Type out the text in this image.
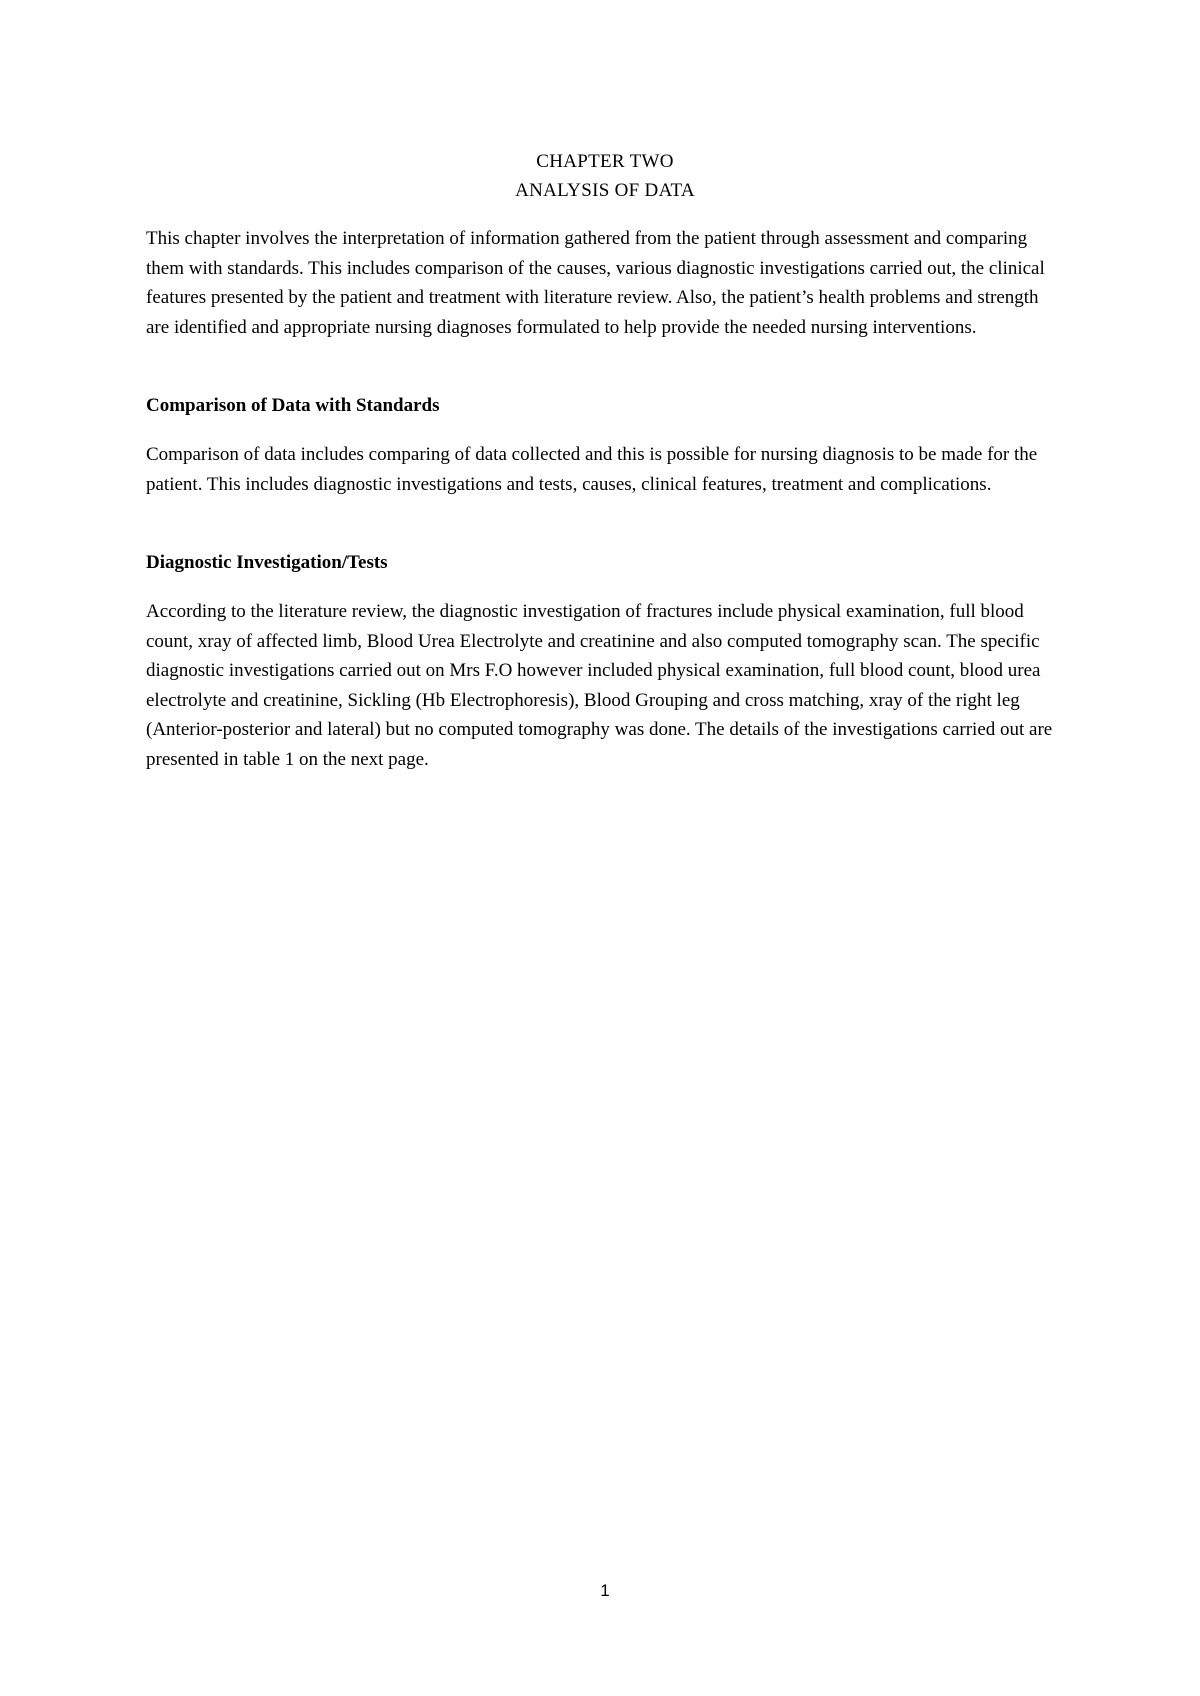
CHAPTER TWO
ANALYSIS OF DATA

This chapter involves the interpretation of information gathered from the patient through assessment and comparing them with standards. This includes comparison of the causes, various diagnostic investigations carried out, the clinical features presented by the patient and treatment with literature review. Also, the patient’s health problems and strength are identified and appropriate nursing diagnoses formulated to help provide the needed nursing interventions.

Comparison of Data with Standards

Comparison of data includes comparing of data collected and this is possible for nursing diagnosis to be made for the patient. This includes diagnostic investigations and tests, causes, clinical features, treatment and complications.

Diagnostic Investigation/Tests

According to the literature review, the diagnostic investigation of fractures include physical examination, full blood count, xray of affected limb, Blood Urea Electrolyte and creatinine and also computed tomography scan. The specific diagnostic investigations carried out on Mrs F.O however included physical examination, full blood count, blood urea electrolyte and creatinine, Sickling (Hb Electrophoresis), Blood Grouping and cross matching, xray of the right leg (Anterior-posterior and lateral) but no computed tomography was done. The details of the investigations carried out are presented in table 1 on the next page.

1
